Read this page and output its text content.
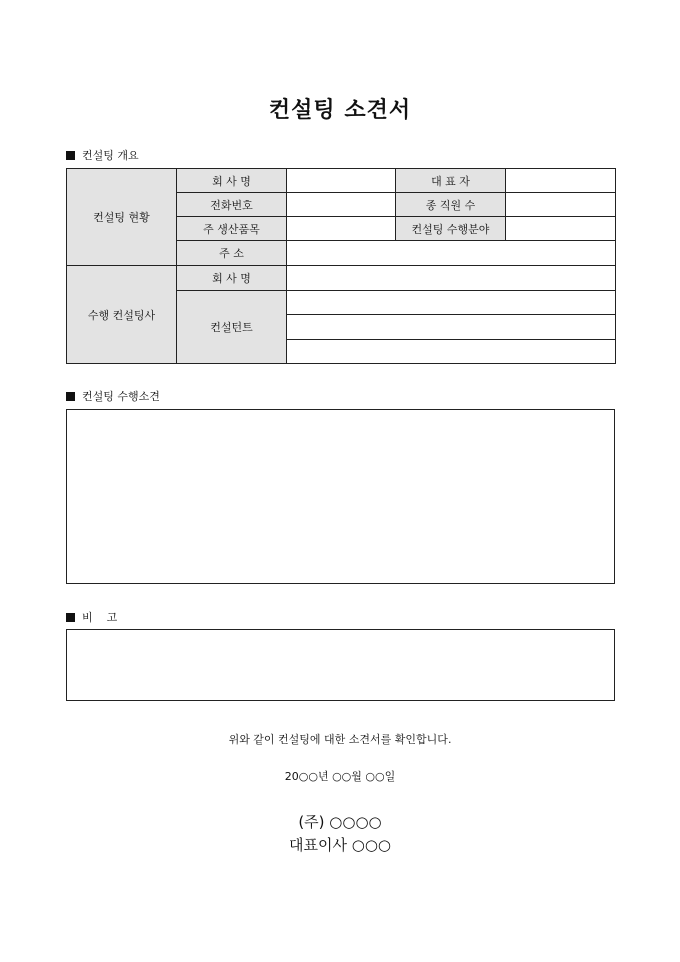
컨설팅 소견서
컨설팅 개요
컨설팅 현황	회 사 명		대 표 자	
	전화번호		종 직원 수	
	주 생산품목		컨설팅 수행분야	
	주 소			
수행 컨설팅사	회 사 명			
	컨설턴트			

컨설팅 수행소견
비    고
위와 같이 컨설팅에 대한 소견서를 확인합니다.
20○○년 ○○월 ○○일
(주) ○○○○
대표이사 ○○○
